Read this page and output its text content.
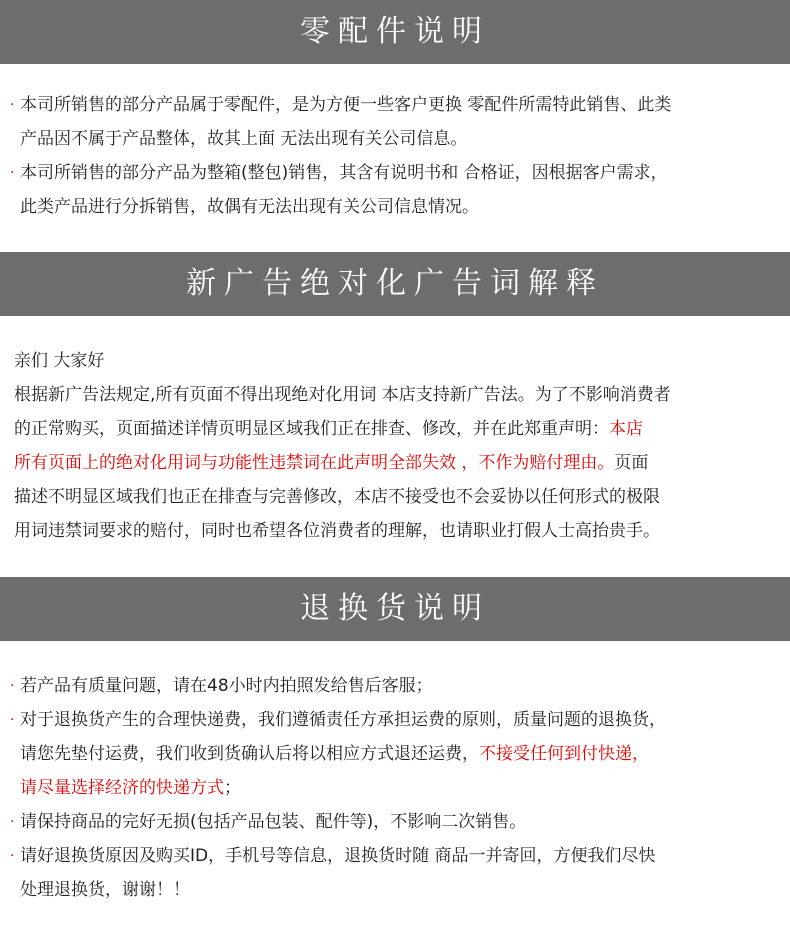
零配件说明
· 本司所销售的部分产品属于零配件，是为方便一些客户更换 零配件所需特此销售、此类
产品因不属于产品整体，故其上面 无法出现有关公司信息。
· 本司所销售的部分产品为整箱(整包)销售，其含有说明书和 合格证，因根据客户需求，
此类产品进行分拆销售，故偶有无法出现有关公司信息情况。
新广告绝对化广告词解释
亲们 大家好
根据新广告法规定,所有页面不得出现绝对化用词 本店支持新广告法。为了不影响消费者
的正常购买，页面描述详情页明显区域我们正在排查、修改，并在此郑重声明：本店
所有页面上的绝对化用词与功能性违禁词在此声明全部失效 ，不作为赔付理由。页面
描述不明显区域我们也正在排查与完善修改，本店不接受也不会妥协以任何形式的极限
用词违禁词要求的赔付，同时也希望各位消费者的理解，也请职业打假人士高抬贵手。
退换货说明
· 若产品有质量问题，请在48小时内拍照发给售后客服；
· 对于退换货产生的合理快递费，我们遵循责任方承担运费的原则，质量问题的退换货，
请您先垫付运费，我们收到货确认后将以相应方式退还运费，不接受任何到付快递，
请尽量选择经济的快递方式；
· 请保持商品的完好无损(包括产品包装、配件等)，不影响二次销售。
· 请好退换货原因及购买ID，手机号等信息，退换货时随 商品一并寄回，方便我们尽快
处理退换货，谢谢！！
